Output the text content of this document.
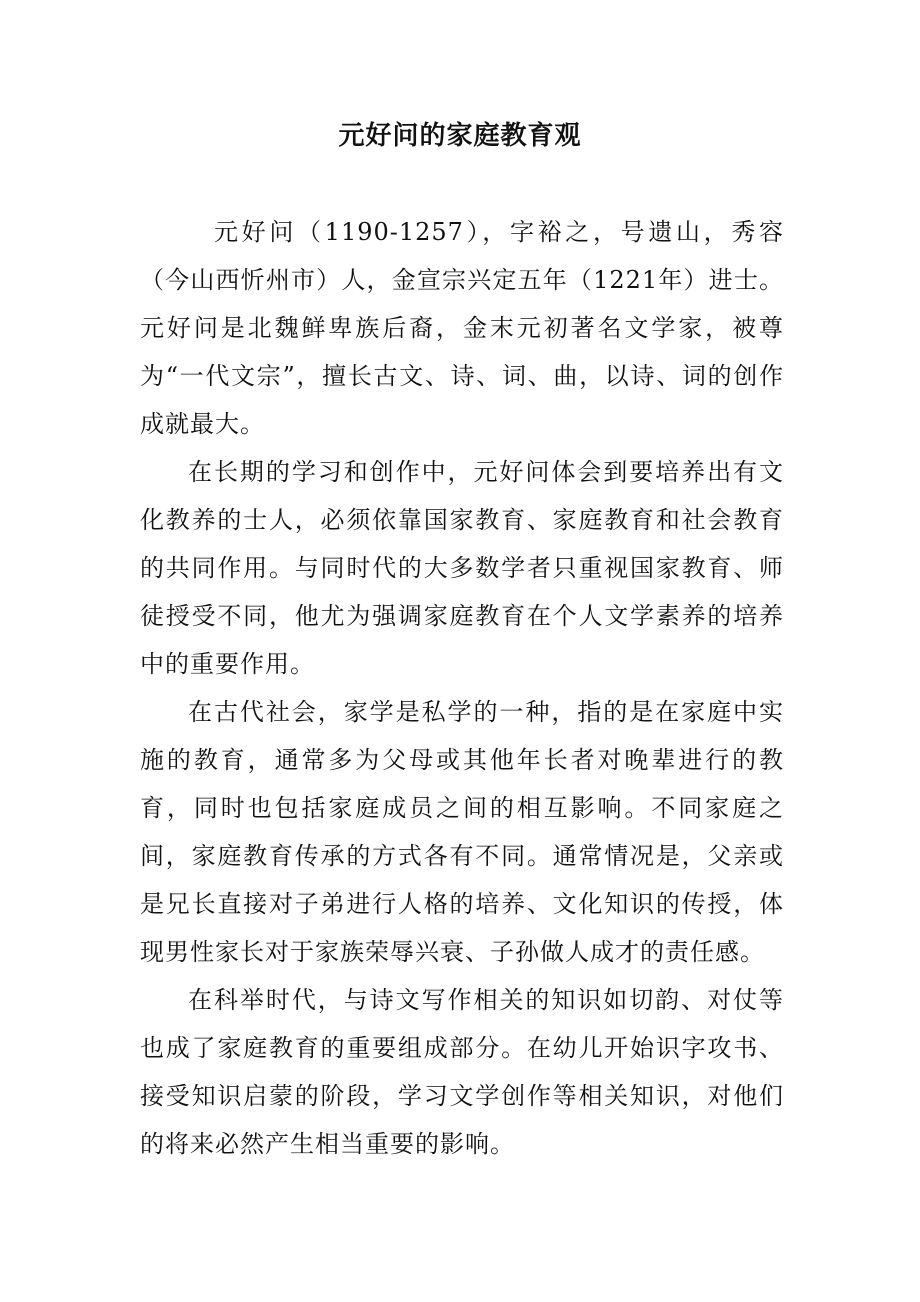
元好问的家庭教育观

元好问（1190-1257），字裕之，号遗山，秀容（今山西忻州市）人，金宣宗兴定五年（1221年）进士。元好问是北魏鲜卑族后裔，金末元初著名文学家，被尊为“一代文宗”，擅长古文、诗、词、曲，以诗、词的创作成就最大。

在长期的学习和创作中，元好问体会到要培养出有文化教养的士人，必须依靠国家教育、家庭教育和社会教育的共同作用。与同时代的大多数学者只重视国家教育、师徒授受不同，他尤为强调家庭教育在个人文学素养的培养中的重要作用。

在古代社会，家学是私学的一种，指的是在家庭中实施的教育，通常多为父母或其他年长者对晚辈进行的教育，同时也包括家庭成员之间的相互影响。不同家庭之间，家庭教育传承的方式各有不同。通常情况是，父亲或是兄长直接对子弟进行人格的培养、文化知识的传授，体现男性家长对于家族荣辱兴衰、子孙做人成才的责任感。

在科举时代，与诗文写作相关的知识如切韵、对仗等也成了家庭教育的重要组成部分。在幼儿开始识字攻书、接受知识启蒙的阶段，学习文学创作等相关知识，对他们的将来必然产生相当重要的影响。
